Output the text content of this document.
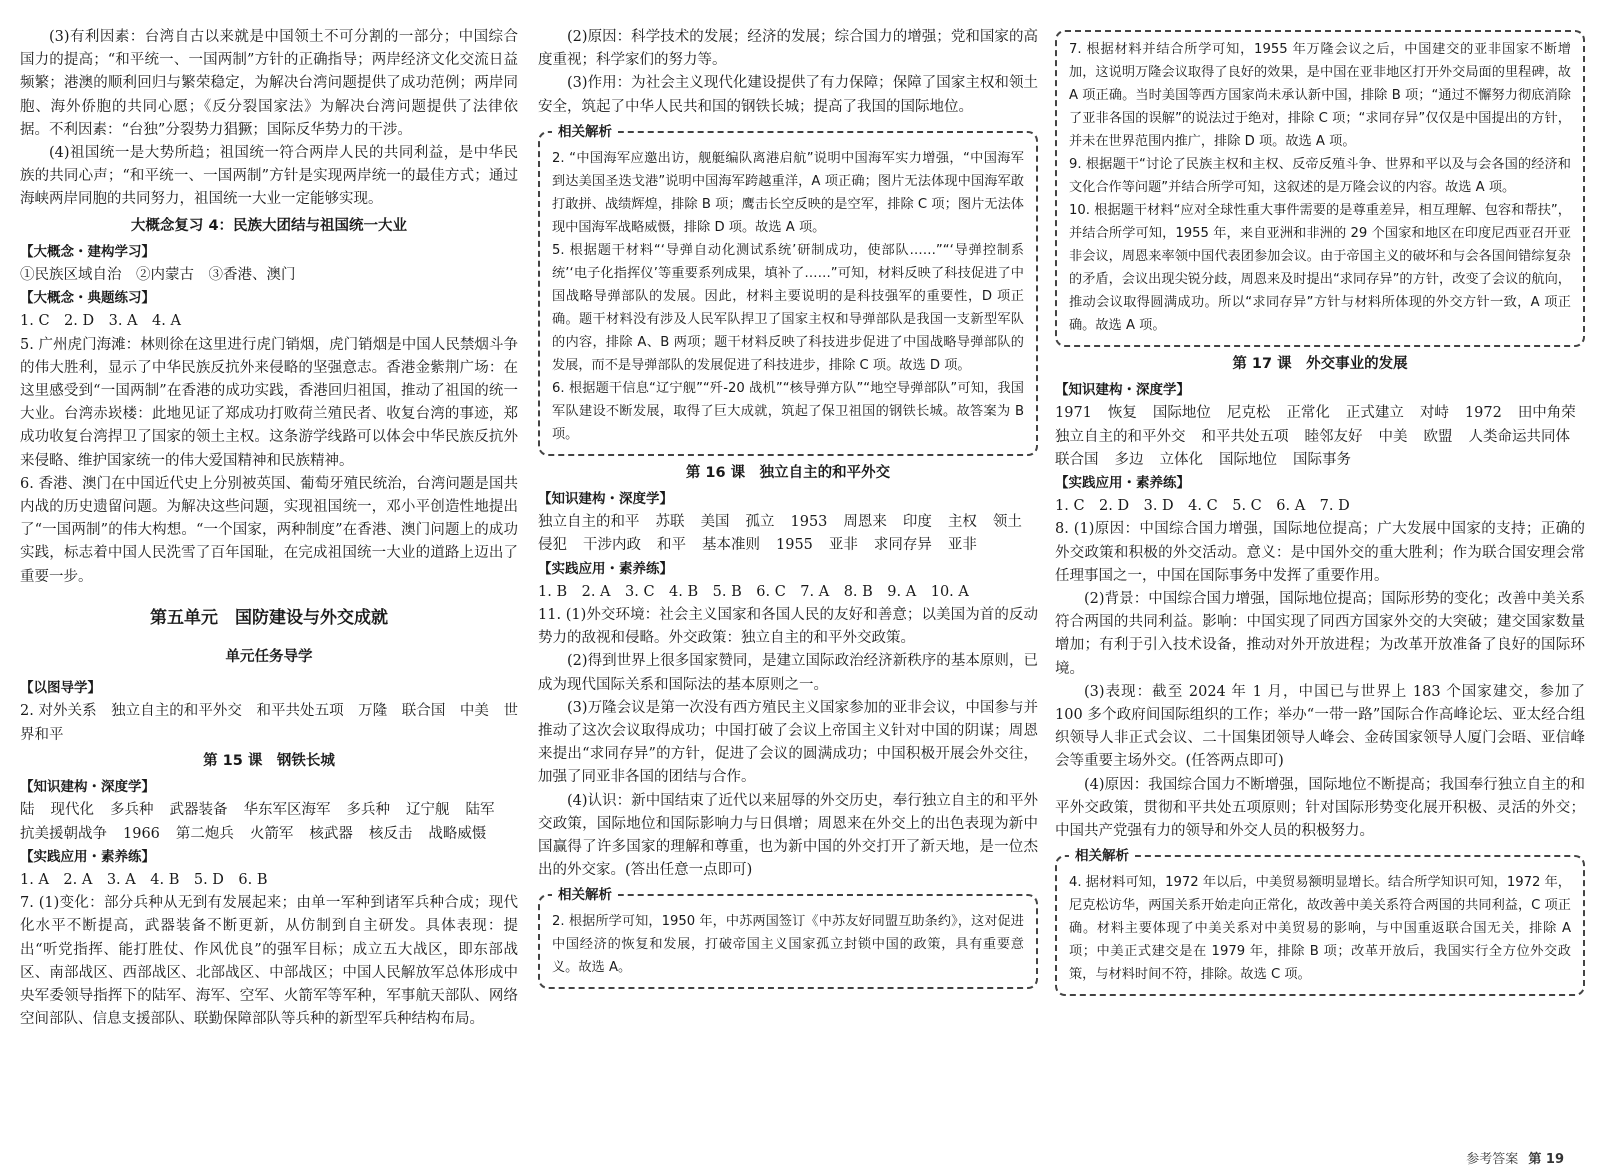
(3)有利因素：台湾自古以来就是中国领土不可分割的一部分；中国综合国力的提高；“和平统一、一国两制”方针的正确指导；两岸经济文化交流日益频繁；港澳的顺利回归与繁荣稳定，为解决台湾问题提供了成功范例；两岸同胞、海外侨胞的共同心愿；《反分裂国家法》为解决台湾问题提供了法律依据。不利因素：“台独”分裂势力猖獗；国际反华势力的干涉。

(4)祖国统一是大势所趋；祖国统一符合两岸人民的共同利益，是中华民族的共同心声；“和平统一、一国两制”方针是实现两岸统一的最佳方式；通过海峡两岸同胞的共同努力，祖国统一大业一定能够实现。

大概念复习 4：民族大团结与祖国统一大业

【大概念・建构学习】

①民族区域自治　②内蒙古　③香港、澳门

【大概念・典题练习】

1. C　2. D　3. A　4. A

5. 广州虎门海滩：林则徐在这里进行虎门销烟，虎门销烟是中国人民禁烟斗争的伟大胜利，显示了中华民族反抗外来侵略的坚强意志。香港金紫荆广场：在这里感受到“一国两制”在香港的成功实践，香港回归祖国，推动了祖国的统一大业。台湾赤崁楼：此地见证了郑成功打败荷兰殖民者、收复台湾的事迹，郑成功收复台湾捍卫了国家的领土主权。这条游学线路可以体会中华民族反抗外来侵略、维护国家统一的伟大爱国精神和民族精神。

6. 香港、澳门在中国近代史上分别被英国、葡萄牙殖民统治，台湾问题是国共内战的历史遗留问题。为解决这些问题，实现祖国统一，邓小平创造性地提出了“一国两制”的伟大构想。“一个国家，两种制度”在香港、澳门问题上的成功实践，标志着中国人民洗雪了百年国耻，在完成祖国统一大业的道路上迈出了重要一步。

第五单元　国防建设与外交成就

单元任务导学

【以图导学】

2. 对外关系　独立自主的和平外交　和平共处五项　万隆　联合国　中美　世界和平

第 15 课　钢铁长城

【知识建构・深度学】

陆 现代化 多兵种 武器装备 华东军区海军 多兵种 辽宁舰 陆军
抗美援朝战争 1966 第二炮兵 火箭军 核武器 核反击 战略威慑

【实践应用・素养练】

1. A　2. A　3. A　4. B　5. D　6. B

7. (1)变化：部分兵种从无到有发展起来；由单一军种到诸军兵种合成；现代化水平不断提高，武器装备不断更新，从仿制到自主研发。具体表现：提出“听党指挥、能打胜仗、作风优良”的强军目标；成立五大战区，即东部战区、南部战区、西部战区、北部战区、中部战区；中国人民解放军总体形成中央军委领导指挥下的陆军、海军、空军、火箭军等军种，军事航天部队、网络空间部队、信息支援部队、联勤保障部队等兵种的新型军兵种结构布局。

(2)原因：科学技术的发展；经济的发展；综合国力的增强；党和国家的高度重视；科学家们的努力等。

(3)作用：为社会主义现代化建设提供了有力保障；保障了国家主权和领土安全，筑起了中华人民共和国的钢铁长城；提高了我国的国际地位。

相关解析

2. “中国海军应邀出访，舰艇编队离港启航”说明中国海军实力增强，“中国海军到达美国圣迭戈港”说明中国海军跨越重洋，A 项正确；图片无法体现中国海军敢打敢拼、战绩辉煌，排除 B 项；鹰击长空反映的是空军，排除 C 项；图片无法体现中国海军战略威慑，排除 D 项。故选 A 项。

5. 根据题干材料“‘导弹自动化测试系统’研制成功，使部队……”“‘导弹控制系统’‘电子化指挥仪’等重要系列成果，填补了……”可知，材料反映了科技促进了中国战略导弹部队的发展。因此，材料主要说明的是科技强军的重要性，D 项正确。题干材料没有涉及人民军队捍卫了国家主权和导弹部队是我国一支新型军队的内容，排除 A、B 两项；题干材料反映了科技进步促进了中国战略导弹部队的发展，而不是导弹部队的发展促进了科技进步，排除 C 项。故选 D 项。

6. 根据题干信息“辽宁舰”“歼-20 战机”“核导弹方队”“地空导弹部队”可知，我国军队建设不断发展，取得了巨大成就，筑起了保卫祖国的钢铁长城。故答案为 B 项。

第 16 课　独立自主的和平外交

【知识建构・深度学】

独立自主的和平 苏联 美国 孤立 1953 周恩来 印度 主权 领土
侵犯 干涉内政 和平 基本准则 1955 亚非 求同存异 亚非

【实践应用・素养练】

1. B　2. A　3. C　4. B　5. B　6. C　7. A　8. B　9. A　10. A

11. (1)外交环境：社会主义国家和各国人民的友好和善意；以美国为首的反动势力的敌视和侵略。外交政策：独立自主的和平外交政策。

(2)得到世界上很多国家赞同，是建立国际政治经济新秩序的基本原则，已成为现代国际关系和国际法的基本原则之一。

(3)万隆会议是第一次没有西方殖民主义国家参加的亚非会议，中国参与并推动了这次会议取得成功；中国打破了会议上帝国主义针对中国的阴谋；周恩来提出“求同存异”的方针，促进了会议的圆满成功；中国积极开展会外交往，加强了同亚非各国的团结与合作。

(4)认识：新中国结束了近代以来屈辱的外交历史，奉行独立自主的和平外交政策，国际地位和国际影响力与日俱增；周恩来在外交上的出色表现为新中国赢得了许多国家的理解和尊重，也为新中国的外交打开了新天地，是一位杰出的外交家。(答出任意一点即可)

相关解析

2. 根据所学可知，1950 年，中苏两国签订《中苏友好同盟互助条约》，这对促进中国经济的恢复和发展，打破帝国主义国家孤立封锁中国的政策，具有重要意义。故选 A。

7. 根据材料并结合所学可知，1955 年万隆会议之后，中国建交的亚非国家不断增加，这说明万隆会议取得了良好的效果，是中国在亚非地区打开外交局面的里程碑，故 A 项正确。当时美国等西方国家尚未承认新中国，排除 B 项；“通过不懈努力彻底消除了亚非各国的误解”的说法过于绝对，排除 C 项；“求同存异”仅仅是中国提出的方针，并未在世界范围内推广，排除 D 项。故选 A 项。

9. 根据题干“讨论了民族主权和主权、反帝反殖斗争、世界和平以及与会各国的经济和文化合作等问题”并结合所学可知，这叙述的是万隆会议的内容。故选 A 项。

10. 根据题干材料“应对全球性重大事件需要的是尊重差异，相互理解、包容和帮扶”，并结合所学可知，1955 年，来自亚洲和非洲的 29 个国家和地区在印度尼西亚召开亚非会议，周恩来率领中国代表团参加会议。由于帝国主义的破坏和与会各国间错综复杂的矛盾，会议出现尖锐分歧，周恩来及时提出“求同存异”的方针，改变了会议的航向，推动会议取得圆满成功。所以“求同存异”方针与材料所体现的外交方针一致，A 项正确。故选 A 项。

第 17 课　外交事业的发展

【知识建构・深度学】

1971 恢复 国际地位 尼克松 正常化 正式建立 对峙 1972 田中角荣
独立自主的和平外交 和平共处五项 睦邻友好 中美 欧盟 人类命运共同体
联合国 多边 立体化 国际地位 国际事务

【实践应用・素养练】

1. C　2. D　3. D　4. C　5. C　6. A　7. D

8. (1)原因：中国综合国力增强，国际地位提高；广大发展中国家的支持；正确的外交政策和积极的外交活动。意义：是中国外交的重大胜利；作为联合国安理会常任理事国之一，中国在国际事务中发挥了重要作用。

(2)背景：中国综合国力增强，国际地位提高；国际形势的变化；改善中美关系符合两国的共同利益。影响：中国实现了同西方国家外交的大突破；建交国家数量增加；有利于引入技术设备，推动对外开放进程；为改革开放准备了良好的国际环境。

(3)表现：截至 2024 年 1 月，中国已与世界上 183 个国家建交，参加了 100 多个政府间国际组织的工作；举办“一带一路”国际合作高峰论坛、亚太经合组织领导人非正式会议、二十国集团领导人峰会、金砖国家领导人厦门会晤、亚信峰会等重要主场外交。(任答两点即可)

(4)原因：我国综合国力不断增强，国际地位不断提高；我国奉行独立自主的和平外交政策，贯彻和平共处五项原则；针对国际形势变化展开积极、灵活的外交；中国共产党强有力的领导和外交人员的积极努力。

相关解析

4. 据材料可知，1972 年以后，中美贸易额明显增长。结合所学知识可知，1972 年，尼克松访华，两国关系开始走向正常化，故改善中美关系符合两国的共同利益，C 项正确。材料主要体现了中美关系对中美贸易的影响，与中国重返联合国无关，排除 A 项；中美正式建交是在 1979 年，排除 B 项；改革开放后，我国实行全方位外交政策，与材料时间不符，排除。故选 C 项。

参考答案 第 19
